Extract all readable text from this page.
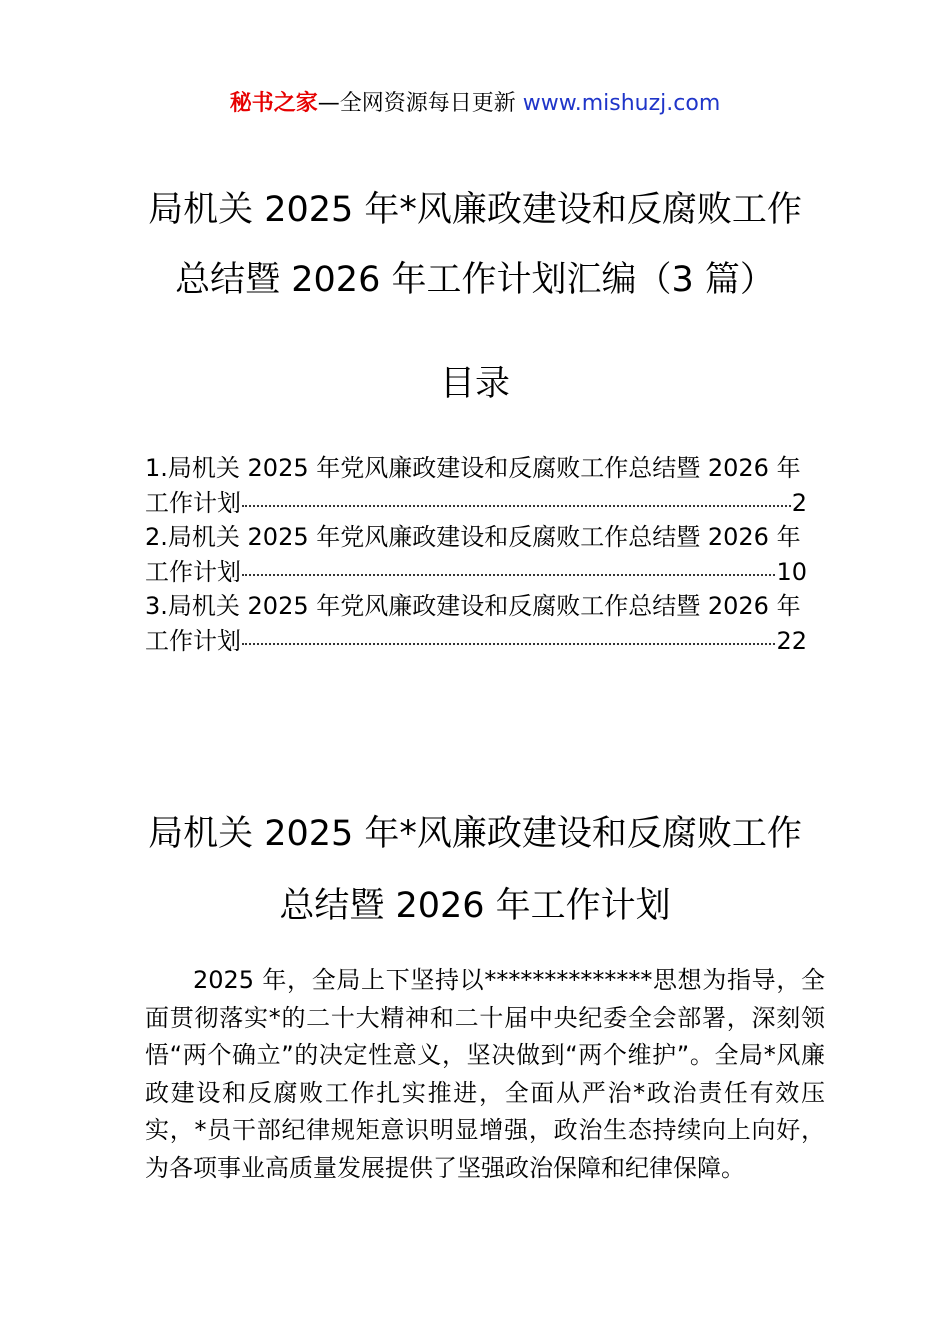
秘书之家—全网资源每日更新 www.mishuzj.com
局机关 2025 年*风廉政建设和反腐败工作
总结暨 2026 年工作计划汇编（3 篇）
目录
1.局机关 2025 年党风廉政建设和反腐败工作总结暨 2026 年
工作计划	2
2.局机关 2025 年党风廉政建设和反腐败工作总结暨 2026 年
工作计划	10
3.局机关 2025 年党风廉政建设和反腐败工作总结暨 2026 年
工作计划	22
局机关 2025 年*风廉政建设和反腐败工作
总结暨 2026 年工作计划
2025 年，全局上下坚持以**************思想为指导，全面贯彻落实*的二十大精神和二十届中央纪委全会部署，深刻领悟“两个确立”的决定性意义，坚决做到“两个维护”。全局*风廉政建设和反腐败工作扎实推进，全面从严治*政治责任有效压实，*员干部纪律规矩意识明显增强，政治生态持续向上向好，为各项事业高质量发展提供了坚强政治保障和纪律保障。
